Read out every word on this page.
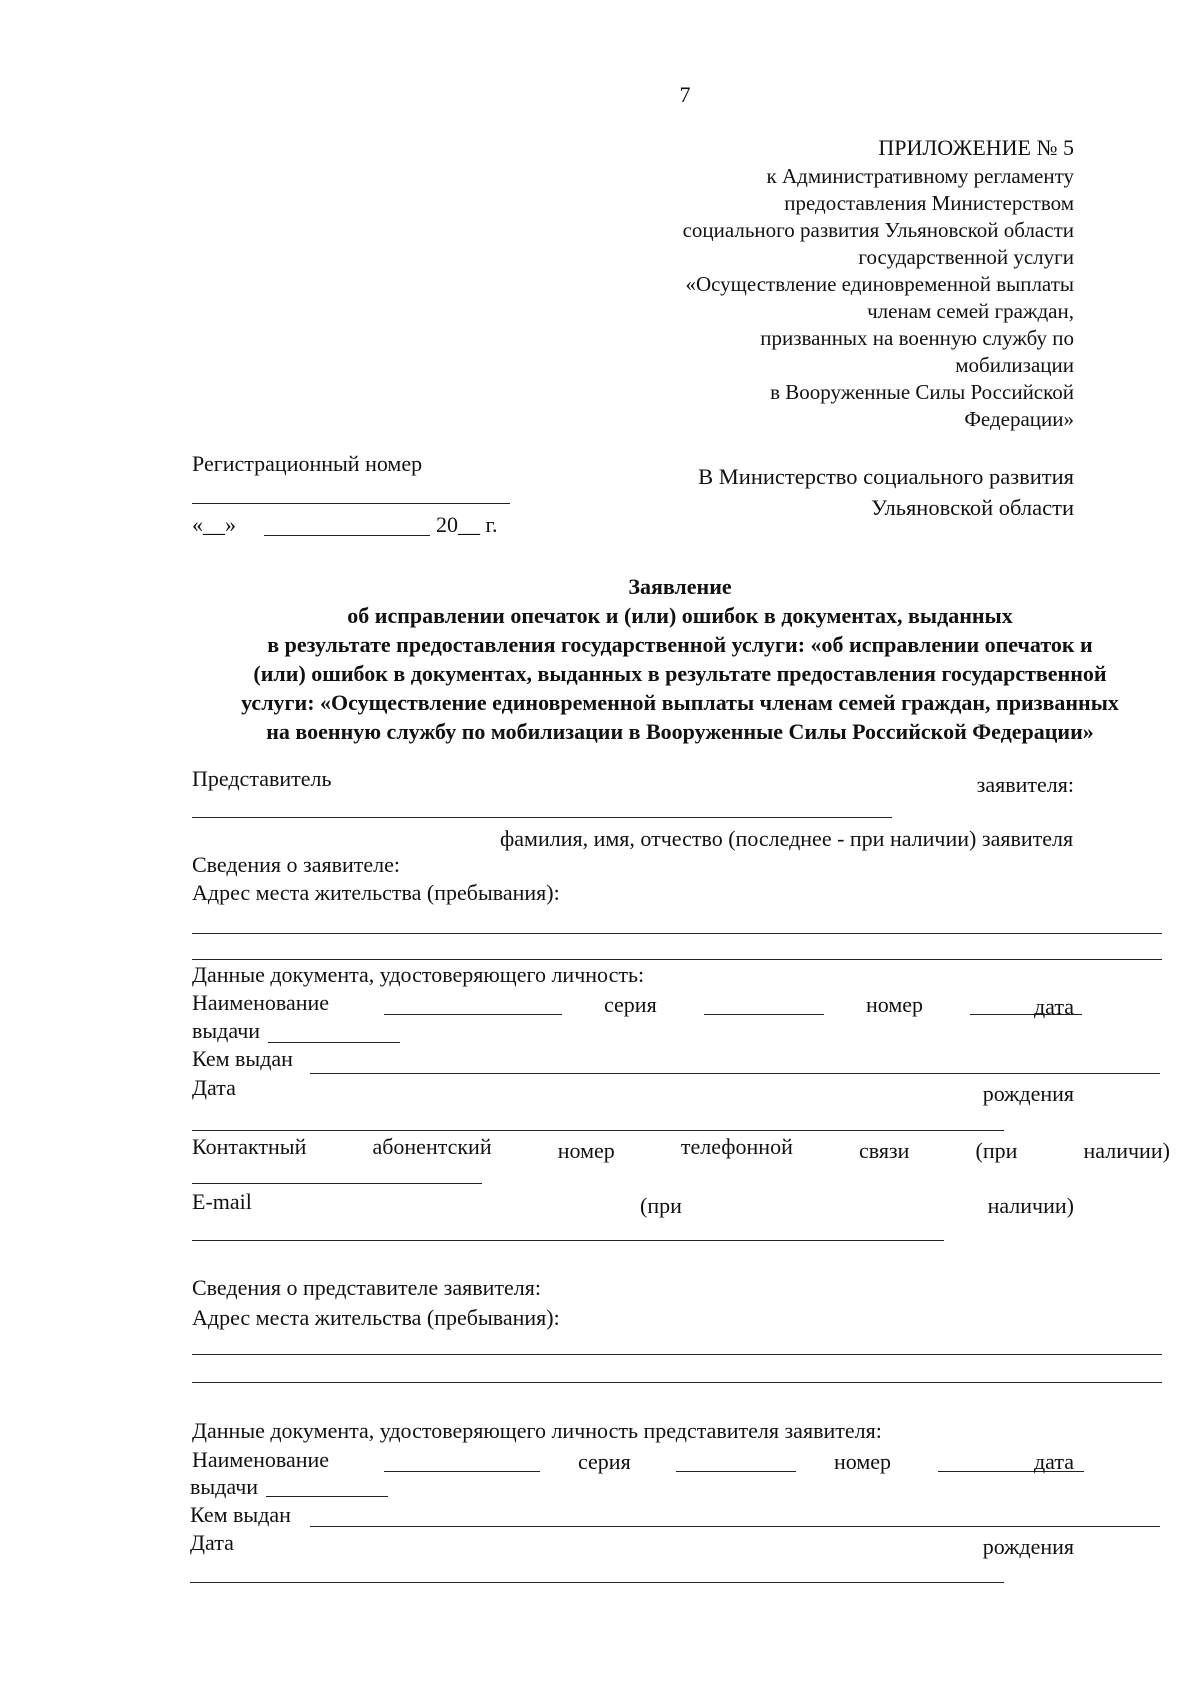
7
ПРИЛОЖЕНИЕ № 5
к Административному регламенту
предоставления Министерством
социального развития Ульяновской области
государственной услуги
«Осуществление единовременной выплаты
членам семей граждан,
призванных на военную службу по
мобилизации
в Вооруженные Силы Российской
Федерации»
Регистрационный номер
«__»	20__ г.
В Министерство социального развития
Ульяновской области
Заявление
об исправлении опечаток и (или) ошибок в документах, выданных
в результате предоставления государственной услуги: «об исправлении опечаток и
(или) ошибок в документах, выданных в результате предоставления государственной
услуги: «Осуществление единовременной выплаты членам семей граждан, призванных
на военную службу по мобилизации в Вооруженные Силы Российской Федерации»
Представитель	заявителя:
фамилия, имя, отчество (последнее - при наличии) заявителя
Сведения о заявителе:
Адрес места жительства (пребывания):
Данные документа, удостоверяющего личность:
Наименование	серия	номер	дата
выдачи
Кем выдан
Дата	рождения
Контактный	абонентский	номер	телефонной	связи	(при	наличии)
E-mail	(при	наличии)
Сведения о представителе заявителя:
Адрес места жительства (пребывания):
Данные документа, удостоверяющего личность представителя заявителя:
Наименование	серия	номер	дата
выдачи
Кем выдан
Дата	рождения
